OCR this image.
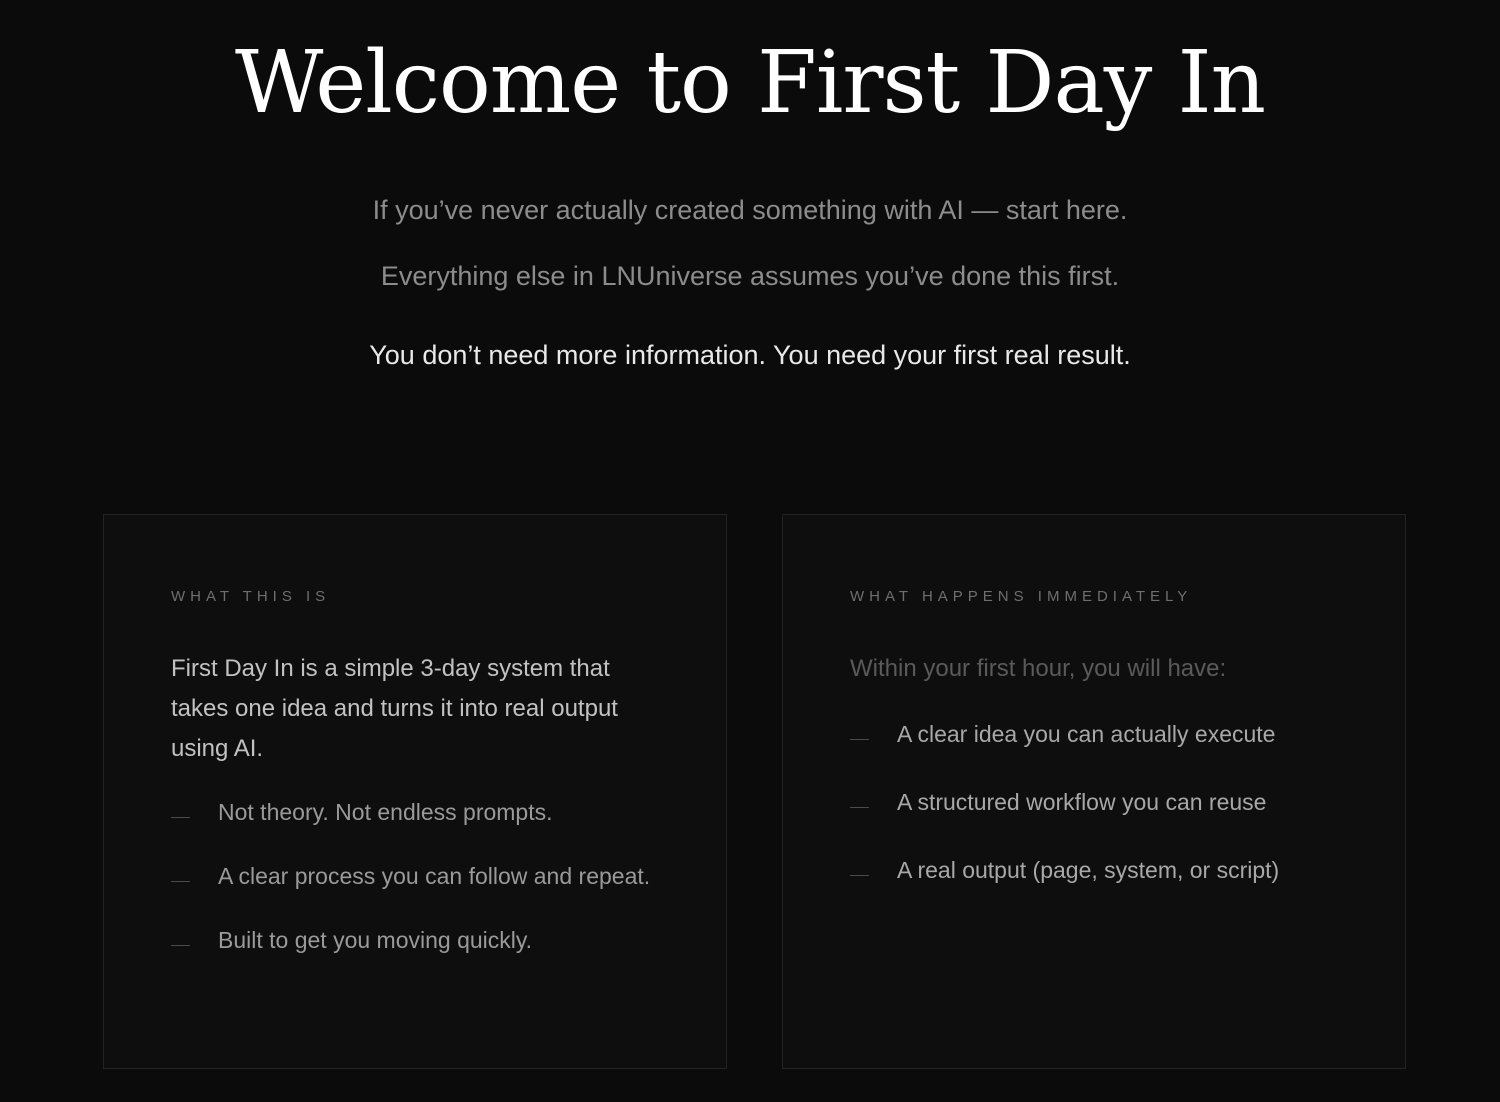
Welcome to First Day In

If you’ve never actually created something with AI — start here.

Everything else in LNUniverse assumes you’ve done this first.

You don’t need more information. You need your first real result.

WHAT THIS IS

First Day In is a simple 3-day system that takes one idea and turns it into real output using AI.

Not theory. Not endless prompts.
A clear process you can follow and repeat.
Built to get you moving quickly.
WHAT HAPPENS IMMEDIATELY

Within your first hour, you will have:

A clear idea you can actually execute
A structured workflow you can reuse
A real output (page, system, or script)
